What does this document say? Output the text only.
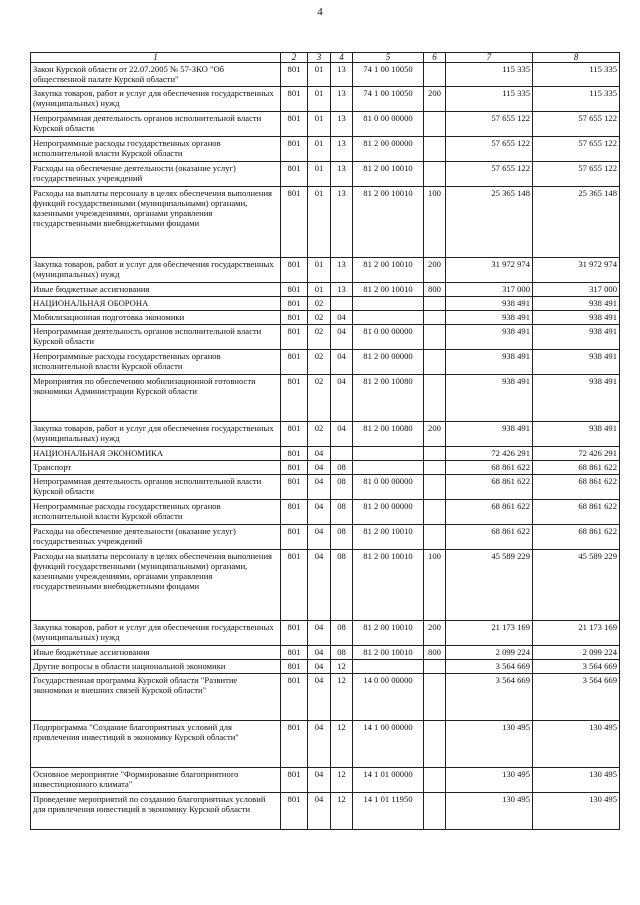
4
1	2	3	4	5	6	7	8
Закон Курской области от 22.07.2005 № 57-ЗКО "Об общественной палате Курской области"	801	01	13	74 1 00 10050		115 335	115 335
Закупка товаров, работ и услуг для обеспечения государственных (муниципальных) нужд	801	01	13	74 1 00 10050	200	115 335	115 335
Непрограммная деятельность органов исполнительной власти Курской области	801	01	13	81 0 00 00000		57 655 122	57 655 122
Непрограммные расходы государственных органов исполнительной власти Курской области	801	01	13	81 2 00 00000		57 655 122	57 655 122
Расходы на обеспечение деятельности (оказание услуг) государственных учреждений	801	01	13	81 2 00 10010		57 655 122	57 655 122
Расходы на выплаты персоналу в целях обеспечения выполнения функций государственными (муниципальными) органами, казенными учреждениями, органами управления государственными внебюджетными фондами	801	01	13	81 2 00 10010	100	25 365 148	25 365 148
Закупка товаров, работ и услуг для обеспечения государственных (муниципальных) нужд	801	01	13	81 2 00 10010	200	31 972 974	31 972 974
Иные бюджетные ассигнования	801	01	13	81 2 00 10010	800	317 000	317 000
НАЦИОНАЛЬНАЯ ОБОРОНА	801	02				938 491	938 491
Мобилизационная подготовка экономики	801	02	04			938 491	938 491
Непрограммная деятельность органов исполнительной власти Курской области	801	02	04	81 0 00 00000		938 491	938 491
Непрограммные расходы государственных органов исполнительной власти Курской области	801	02	04	81 2 00 00000		938 491	938 491
Мероприятия по обеспечению мобилизационной готовности экономики Администрации Курской области	801	02	04	81 2 00 10080		938 491	938 491
Закупка товаров, работ и услуг для обеспечения государственных (муниципальных) нужд	801	02	04	81 2 00 10080	200	938 491	938 491
НАЦИОНАЛЬНАЯ ЭКОНОМИКА	801	04				72 426 291	72 426 291
Транспорт	801	04	08			68 861 622	68 861 622
Непрограммная деятельность органов исполнительной власти Курской области	801	04	08	81 0 00 00000		68 861 622	68 861 622
Непрограммные расходы государственных органов исполнительной власти Курской области	801	04	08	81 2 00 00000		68 861 622	68 861 622
Расходы на обеспечение деятельности (оказание услуг) государственных учреждений	801	04	08	81 2 00 10010		68 861 622	68 861 622
Расходы на выплаты персоналу в целях обеспечения выполнения функций государственными (муниципальными) органами, казенными учреждениями, органами управления государственными внебюджетными фондами	801	04	08	81 2 00 10010	100	45 589 229	45 589 229
Закупка товаров, работ и услуг для обеспечения государственных (муниципальных) нужд	801	04	08	81 2 00 10010	200	21 173 169	21 173 169
Иные бюджетные ассигнования	801	04	08	81 2 00 10010	800	2 099 224	2 099 224
Другие вопросы в области национальной экономики	801	04	12			3 564 669	3 564 669
Государственная программа Курской области "Развитие экономики и внешних связей Курской области"	801	04	12	14 0 00 00000		3 564 669	3 564 669
Подпрограмма "Создание благоприятных условий для привлечения инвестиций в экономику Курской области"	801	04	12	14 1 00 00000		130 495	130 495
Основное мероприятие "Формирование благоприятного инвестиционного климата"	801	04	12	14 1 01 00000		130 495	130 495
Проведение мероприятий по созданию благоприятных условий для привлечения инвестиций в экономику Курской области	801	04	12	14 1 01 11950		130 495	130 495
